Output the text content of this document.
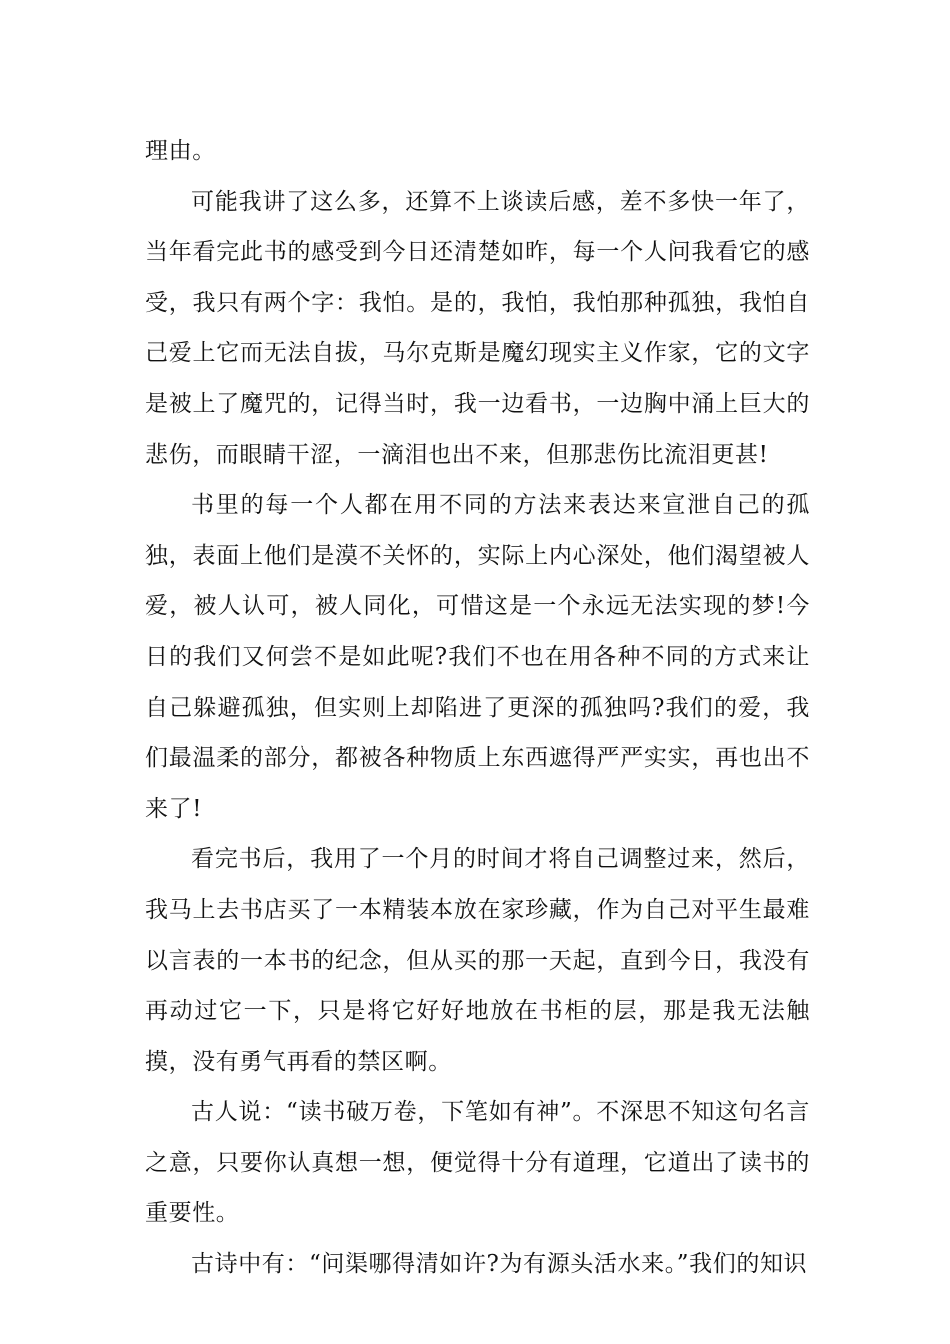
理由。

可能我讲了这么多，还算不上谈读后感，差不多快一年了，当年看完此书的感受到今日还清楚如昨，每一个人问我看它的感受，我只有两个字：我怕。是的，我怕，我怕那种孤独，我怕自己爱上它而无法自拔，马尔克斯是魔幻现实主义作家，它的文字是被上了魔咒的，记得当时，我一边看书，一边胸中涌上巨大的悲伤，而眼睛干涩，一滴泪也出不来，但那悲伤比流泪更甚!

书里的每一个人都在用不同的方法来表达来宣泄自己的孤独，表面上他们是漠不关怀的，实际上内心深处，他们渴望被人爱，被人认可，被人同化，可惜这是一个永远无法实现的梦!今日的我们又何尝不是如此呢?我们不也在用各种不同的方式来让自己躲避孤独，但实则上却陷进了更深的孤独吗?我们的爱，我们最温柔的部分，都被各种物质上东西遮得严严实实，再也出不来了!

看完书后，我用了一个月的时间才将自己调整过来，然后，我马上去书店买了一本精装本放在家珍藏，作为自己对平生最难以言表的一本书的纪念，但从买的那一天起，直到今日，我没有再动过它一下，只是将它好好地放在书柜的层，那是我无法触摸，没有勇气再看的禁区啊。

古人说：“读书破万卷，下笔如有神”。不深思不知这句名言之意，只要你认真想一想，便觉得十分有道理，它道出了读书的重要性。

古诗中有：“问渠哪得清如许?为有源头活水来。”我们的知识
